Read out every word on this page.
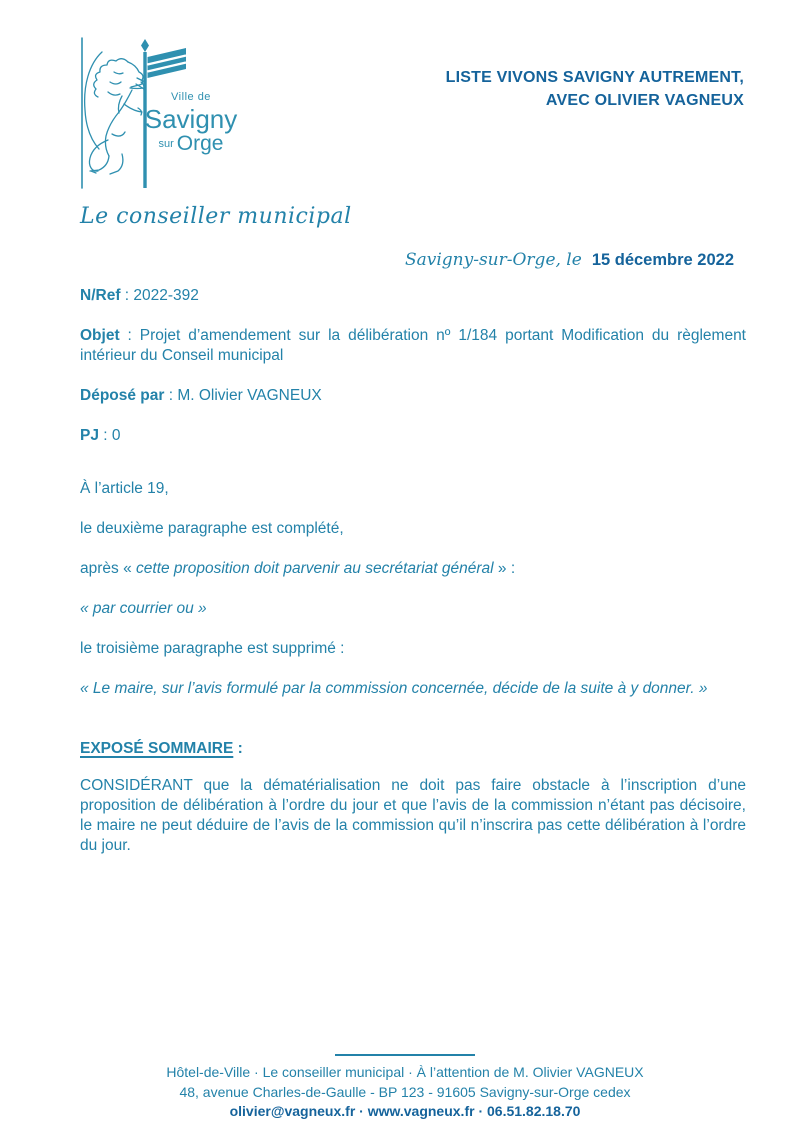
Ville de
Savigny
sur Orge
LISTE VIVONS SAVIGNY AUTREMENT,
AVEC OLIVIER VAGNEUX
Le conseiller municipal
Savigny-sur-Orge, le 15 décembre 2022

N/Ref : 2022-392

Objet : Projet d’amendement sur la délibération nº 1/184 portant Modification du règlement intérieur du Conseil municipal

Déposé par : M. Olivier VAGNEUX

PJ : 0

À l’article 19,

le deuxième paragraphe est complété,

après « cette proposition doit parvenir au secrétariat général » :

« par courrier ou »

le troisième paragraphe est supprimé :

« Le maire, sur l’avis formulé par la commission concernée, décide de la suite à y donner. »

EXPOSÉ SOMMAIRE :

CONSIDÉRANT que la dématérialisation ne doit pas faire obstacle à l’inscription d’une proposition de délibération à l’ordre du jour et que l’avis de la commission n’étant pas décisoire, le maire ne peut déduire de l’avis de la commission qu’il n’inscrira pas cette délibération à l’ordre du jour.

Hôtel-de-Ville · Le conseiller municipal · À l’attention de M. Olivier VAGNEUX
48, avenue Charles-de-Gaulle - BP 123 - 91605 Savigny-sur-Orge cedex
olivier@vagneux.fr · www.vagneux.fr · 06.51.82.18.70
